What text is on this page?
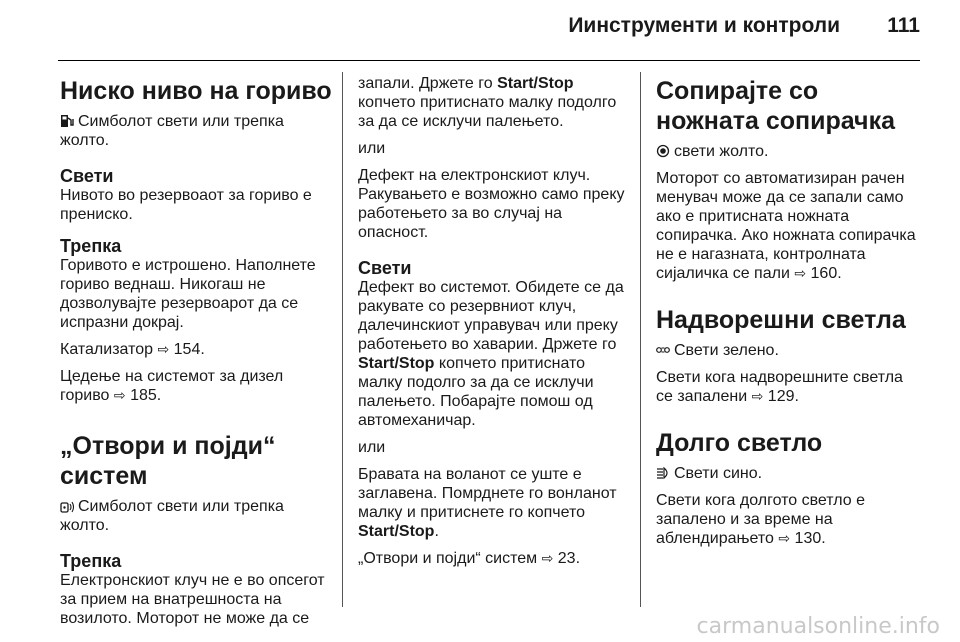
Иинструменти и контроли	111
Ниско ниво на гориво

Симболот свети или трепка жолто.

Свети

Нивото во резервоаот за гориво е прениско.

Трепка

Горивото е истрошено. Наполнете гориво веднаш. Никогаш не дозволувајте резервоарот да се испразни докрај.

Катализатор ⇨ 154.

Цедење на системот за дизел гориво ⇨ 185.

„Отвори и појди“ систем

Симболот свети или трепка жолто.

Трепка

Електронскиот клуч не е во опсегот за прием на внатрешноста на возилото. Моторот не може да се

запали. Држете го Start/Stop копчето притиснато малку подолго за да се исклучи палењето.

или

Дефект на електронскиот клуч. Ракувањето е возможно само преку работењето за во случај на опасност.

Свети

Дефект во системот. Обидете се да ракувате со резервниот клуч, далечинскиот управувач или преку работењето во хаварии. Држете го Start/Stop копчето притиснато малку подолго за да се исклучи палењето. Побарајте помош од автомеханичар.

или

Бравата на воланот се уште е заглавена. Помрднете го вонланот малку и притиснете го копчето Start/Stop.

„Отвори и појди“ систем ⇨ 23.

Сопирајте со ножната сопирачка

свети жолто.

Моторот со автоматизиран рачен менувач може да се запали само ако е притисната ножната сопирачка. Ако ножната сопирачка не е нагазната, контролната сијаличка се пали ⇨ 160.

Надворешни светла

Свети зелено.

Свети кога надворешните светла се запалени ⇨ 129.

Долго светло

Свети сино.

Свети кога долгото светло е запалено и за време на аблендирањето ⇨ 130.

carmanualsonline.info
